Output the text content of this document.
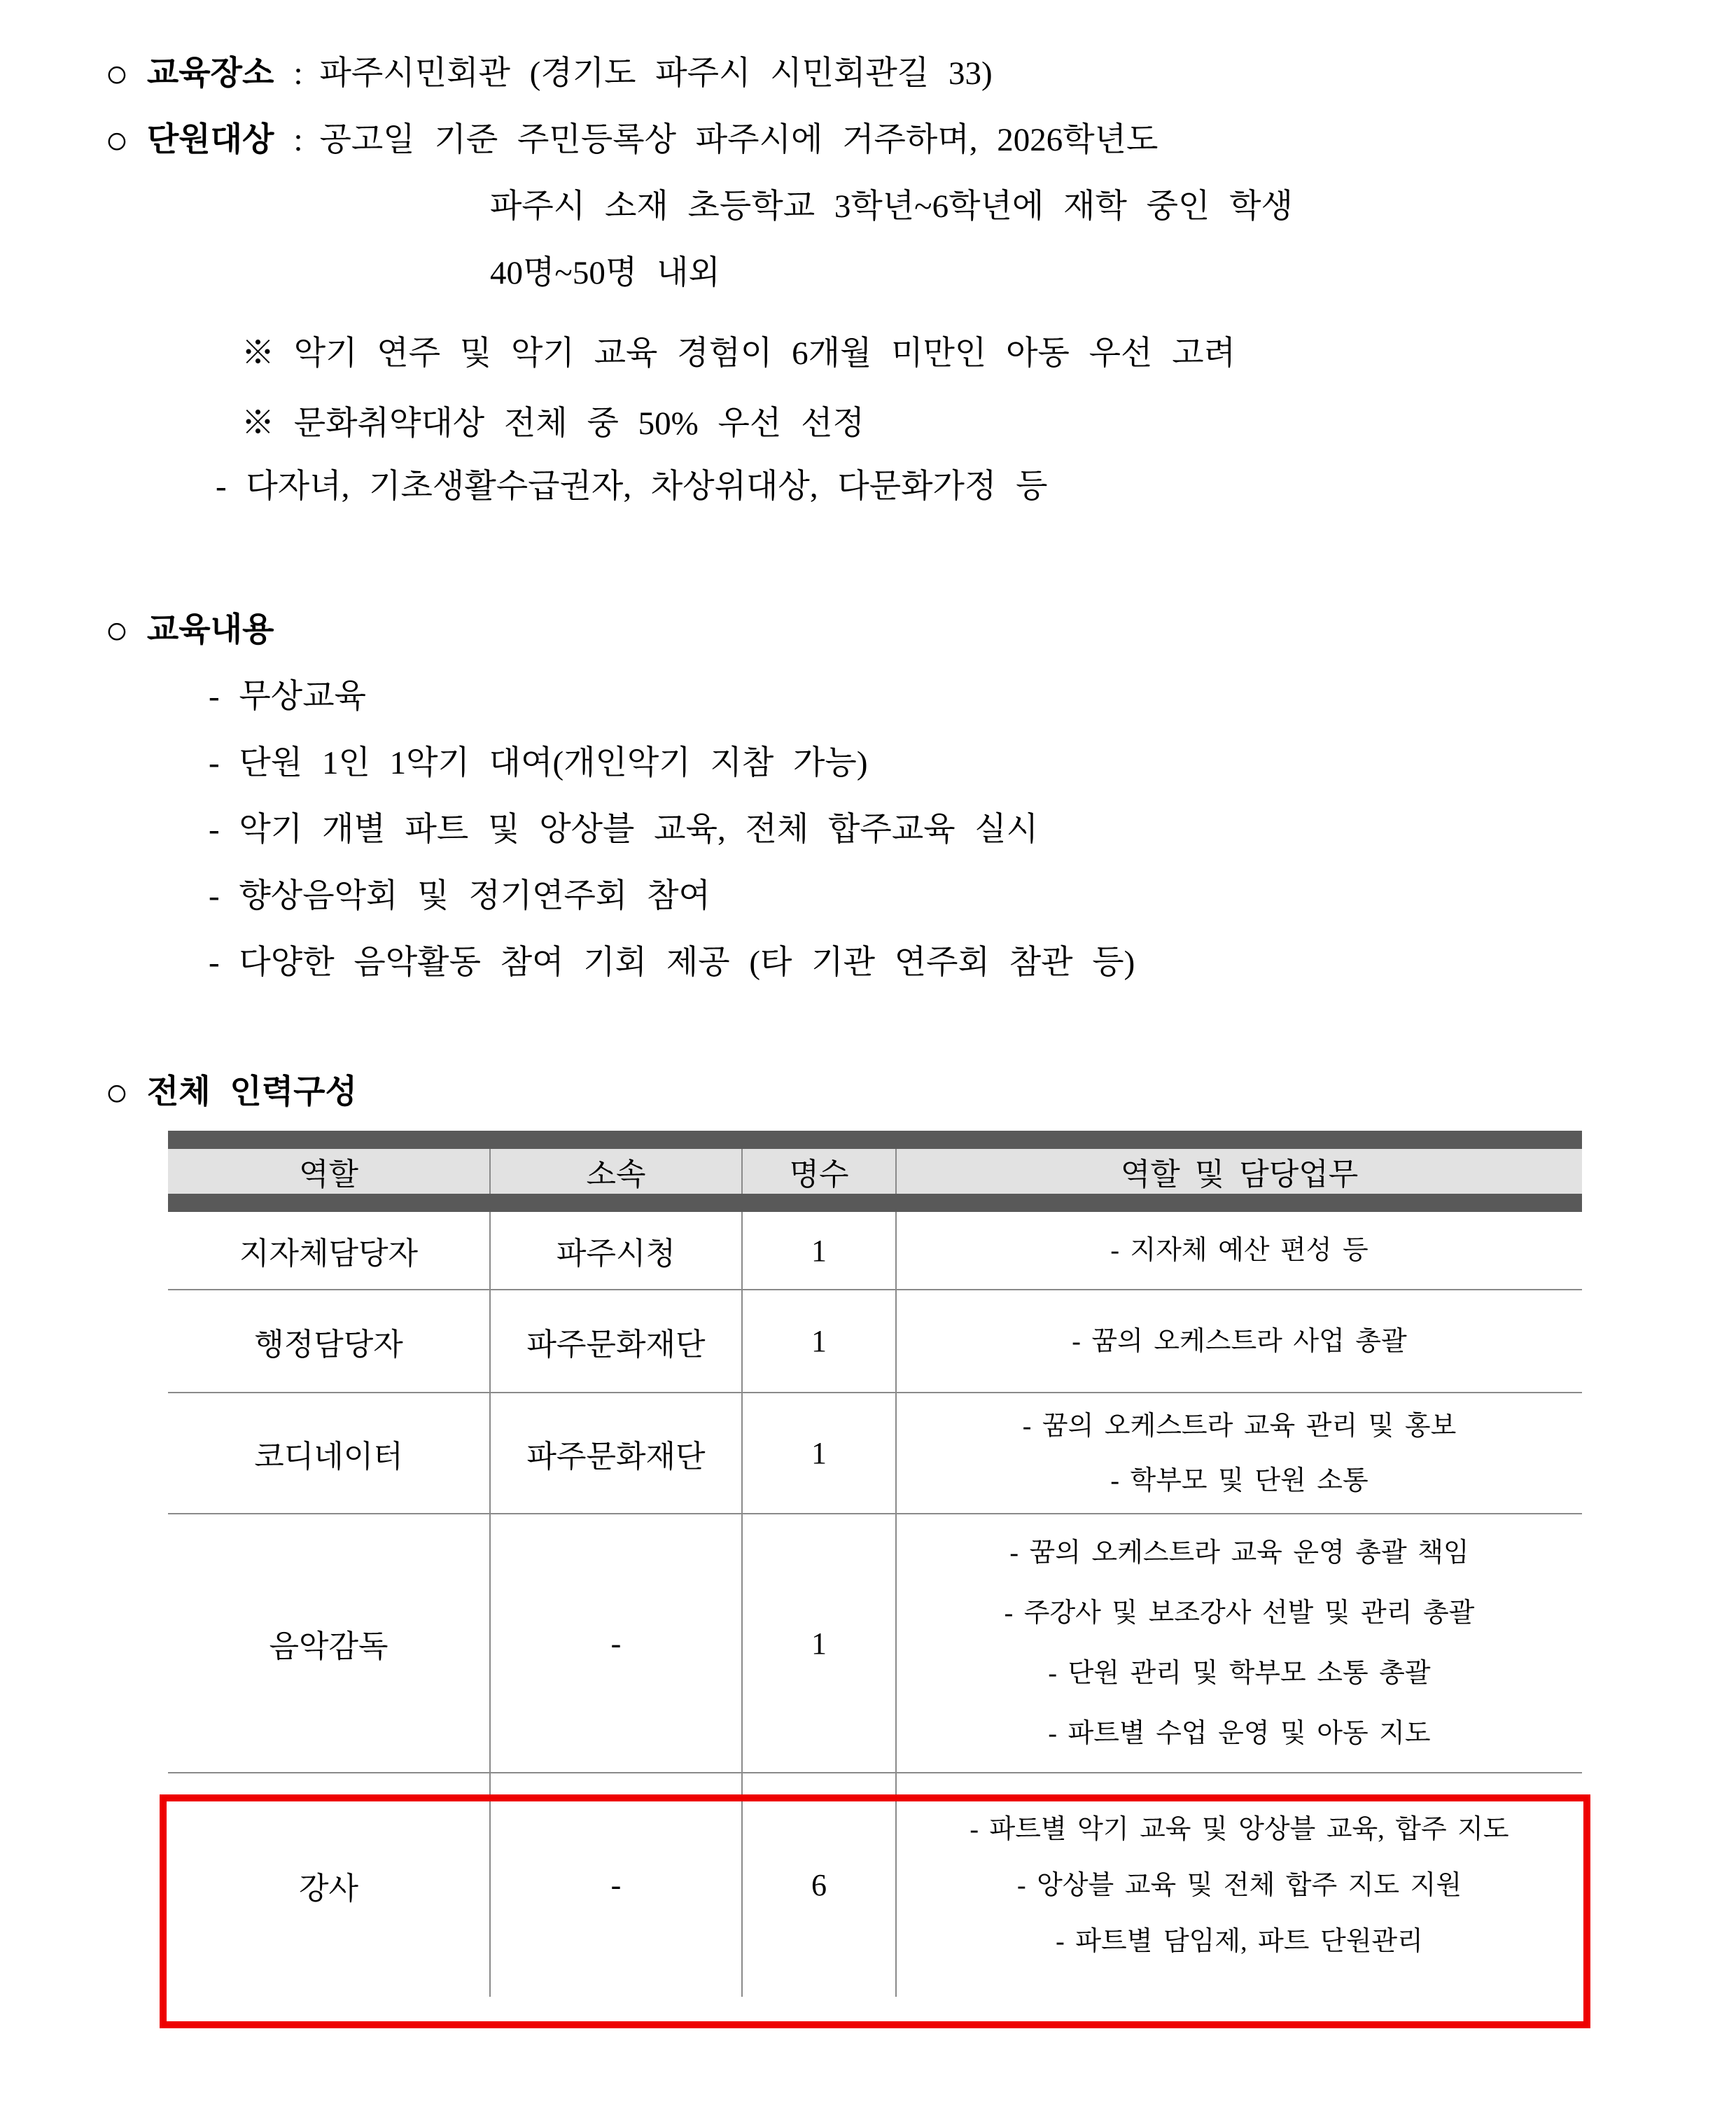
○ 교육장소 : 파주시민회관 (경기도 파주시 시민회관길 33)
○ 단원대상 : 공고일 기준 주민등록상 파주시에 거주하며, 2026학년도
파주시 소재 초등학교 3학년~6학년에 재학 중인 학생
40명~50명 내외
※ 악기 연주 및 악기 교육 경험이 6개월 미만인 아동 우선 고려
※ 문화취약대상 전체 중 50% 우선 선정
- 다자녀, 기초생활수급권자, 차상위대상, 다문화가정 등
○ 교육내용
- 무상교육
- 단원 1인 1악기 대여(개인악기 지참 가능)
- 악기 개별 파트 및 앙상블 교육, 전체 합주교육 실시
- 향상음악회 및 정기연주회 참여
- 다양한 음악활동 참여 기회 제공 (타 기관 연주회 참관 등)
○ 전체 인력구성
역할	소속	명수	역할 및 담당업무
지자체담당자	파주시청	1	- 지자체 예산 편성 등

행정담당자	파주문화재단	1	- 꿈의 오케스트라 사업 총괄

코디네이터	파주문화재단	1	- 꿈의 오케스트라 교육 관리 및 홍보
- 학부모 및 단원 소통

음악감독	-	1	- 꿈의 오케스트라 교육 운영 총괄 책임
- 주강사 및 보조강사 선발 및 관리 총괄
- 단원 관리 및 학부모 소통 총괄
- 파트별 수업 운영 및 아동 지도

강사	-	6	- 파트별 악기 교육 및 앙상블 교육, 합주 지도
- 앙상블 교육 및 전체 합주 지도 지원
- 파트별 담임제, 파트 단원관리
